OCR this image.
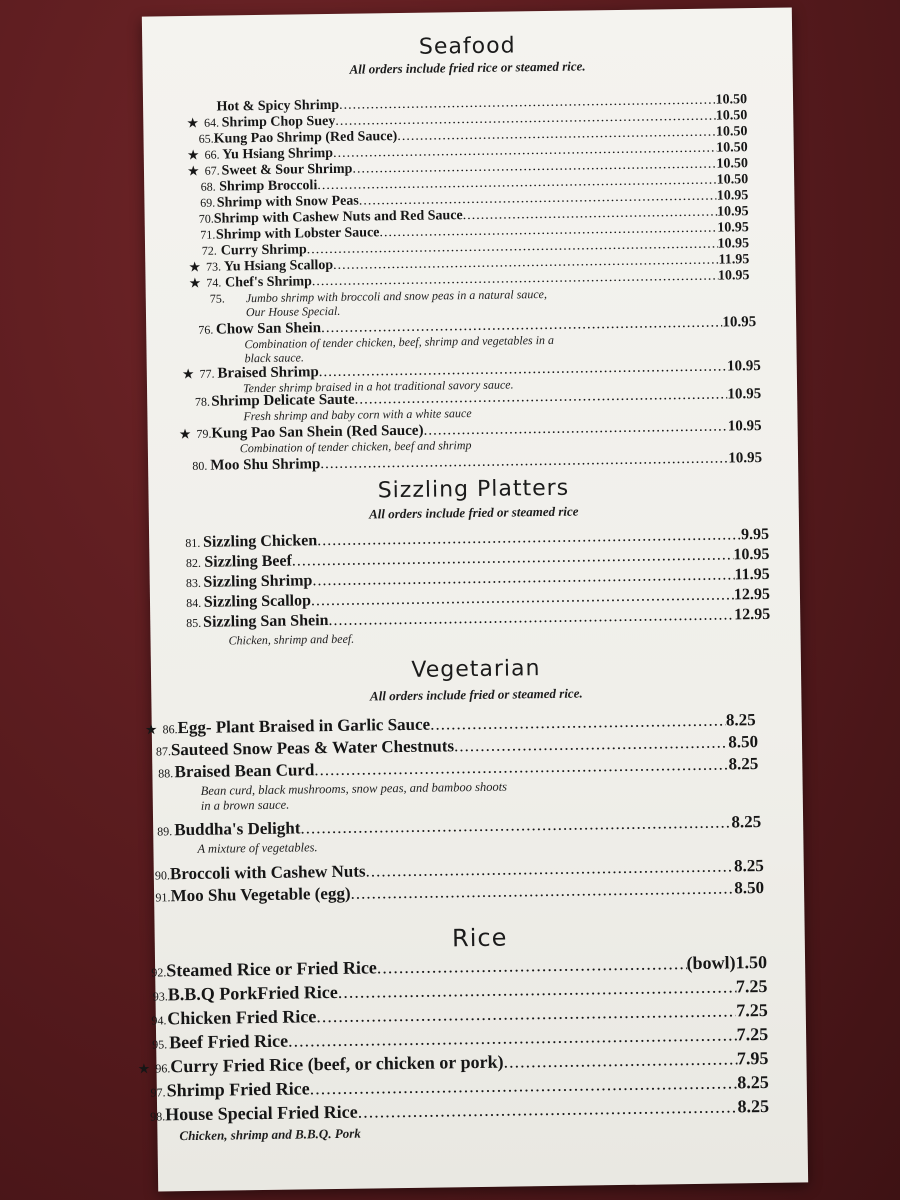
Seafood
All orders include fried rice or steamed rice.
Hot & Spicy Shrimp .....	10.50
★ 64. Shrimp Chop Suey .....	10.50
65. Kung Pao Shrimp (Red Sauce) .....	10.50
★ 66. Yu Hsiang Shrimp .....	10.50
★ 67. Sweet & Sour Shrimp .....	10.50
68. Shrimp Broccoli .....	10.50
69. Shrimp with Snow Peas .....	10.95
70. Shrimp with Cashew Nuts and Red Sauce .....	10.95
71. Shrimp with Lobster Sauce .....	10.95
72. Curry Shrimp .....	10.95
★ 73. Yu Hsiang Scallop .....	11.95
★ 74. Chef's Shrimp .....	10.95
75.	Jumbo shrimp with broccoli and snow peas in a natural sauce,
Our House Special.
76. Chow San Shein .....	10.95
Combination of tender chicken, beef, shrimp and vegetables in a
black sauce.
★ 77. Braised Shrimp .....	10.95
Tender shrimp braised in a hot traditional savory sauce.
78. Shrimp Delicate Saute .....	10.95
Fresh shrimp and baby corn with a white sauce
★ 79. Kung Pao San Shein (Red Sauce) .....	10.95
Combination of tender chicken, beef and shrimp
80. Moo Shu Shrimp .....	10.95
Sizzling Platters
All orders include fried or steamed rice
81. Sizzling Chicken .....	9.95
82. Sizzling Beef .....	10.95
83. Sizzling Shrimp .....	11.95
84. Sizzling Scallop .....	12.95
85. Sizzling San Shein .....	12.95
Chicken, shrimp and beef.
Vegetarian
All orders include fried or steamed rice.
★ 86. Egg- Plant Braised in Garlic Sauce .....	8.25
87. Sauteed Snow Peas & Water Chestnuts .....	8.50
88. Braised Bean Curd .....	8.25
Bean curd, black mushrooms, snow peas, and bamboo shoots
in a brown sauce.
89. Buddha's Delight .....	8.25
A mixture of vegetables.
90. Broccoli with Cashew Nuts .....	8.25
91. Moo Shu Vegetable (egg) .....	8.50
Rice
92. Steamed Rice or Fried Rice .....	(bowl)1.50
93. B.B.Q PorkFried Rice .....	7.25
94. Chicken Fried Rice .....	7.25
95. Beef Fried Rice .....	7.25
★ 96. Curry Fried Rice (beef, or chicken or pork) .....	7.95
97. Shrimp Fried Rice .....	8.25
98. House Special Fried Rice .....	8.25
Chicken, shrimp and B.B.Q. Pork
